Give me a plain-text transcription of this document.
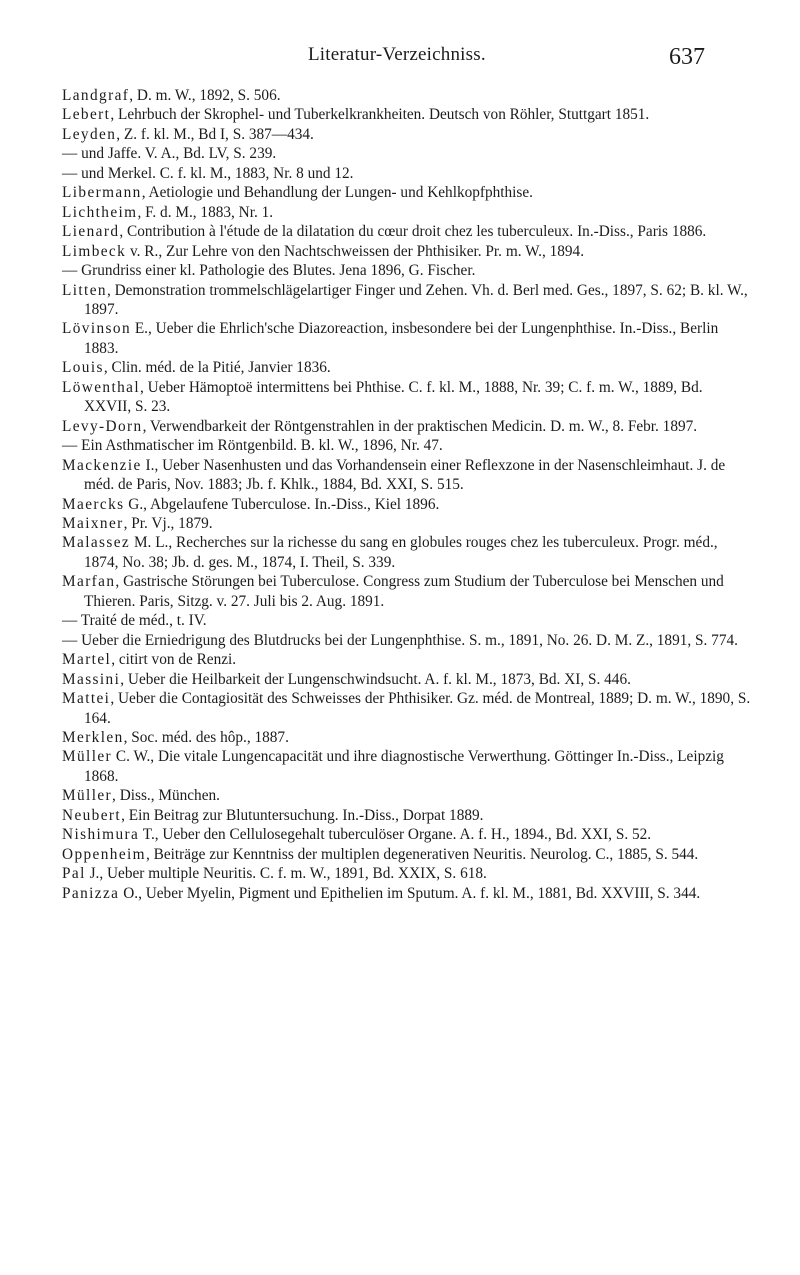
Literatur-Verzeichniss.	637

Landgraf, D. m. W., 1892, S. 506.

Lebert, Lehrbuch der Skrophel- und Tuberkelkrankheiten. Deutsch von Röhler, Stuttgart 1851.

Leyden, Z. f. kl. M., Bd I, S. 387—434.

— und Jaffe. V. A., Bd. LV, S. 239.

— und Merkel. C. f. kl. M., 1883, Nr. 8 und 12.

Libermann, Aetiologie und Behandlung der Lungen- und Kehlkopfphthise.

Lichtheim, F. d. M., 1883, Nr. 1.

Lienard, Contribution à l'étude de la dilatation du cœur droit chez les tuberculeux. In.-Diss., Paris 1886.

Limbeck v. R., Zur Lehre von den Nachtschweissen der Phthisiker. Pr. m. W., 1894.

— Grundriss einer kl. Pathologie des Blutes. Jena 1896, G. Fischer.

Litten, Demonstration trommelschlägelartiger Finger und Zehen. Vh. d. Berl med. Ges., 1897, S. 62; B. kl. W., 1897.

Lövinson E., Ueber die Ehrlich'sche Diazoreaction, insbesondere bei der Lungenphthise. In.-Diss., Berlin 1883.

Louis, Clin. méd. de la Pitié, Janvier 1836.

Löwenthal, Ueber Hämoptoë intermittens bei Phthise. C. f. kl. M., 1888, Nr. 39; C. f. m. W., 1889, Bd. XXVII, S. 23.

Levy-Dorn, Verwendbarkeit der Röntgenstrahlen in der praktischen Medicin. D. m. W., 8. Febr. 1897.

— Ein Asthmatischer im Röntgenbild. B. kl. W., 1896, Nr. 47.

Mackenzie I., Ueber Nasenhusten und das Vorhandensein einer Reflexzone in der Nasenschleimhaut. J. de méd. de Paris, Nov. 1883; Jb. f. Khlk., 1884, Bd. XXI, S. 515.

Maercks G., Abgelaufene Tuberculose. In.-Diss., Kiel 1896.

Maixner, Pr. Vj., 1879.

Malassez M. L., Recherches sur la richesse du sang en globules rouges chez les tuberculeux. Progr. méd., 1874, No. 38; Jb. d. ges. M., 1874, I. Theil, S. 339.

Marfan, Gastrische Störungen bei Tuberculose. Congress zum Studium der Tuberculose bei Menschen und Thieren. Paris, Sitzg. v. 27. Juli bis 2. Aug. 1891.

— Traité de méd., t. IV.

— Ueber die Erniedrigung des Blutdrucks bei der Lungenphthise. S. m., 1891, No. 26. D. M. Z., 1891, S. 774.

Martel, citirt von de Renzi.

Massini, Ueber die Heilbarkeit der Lungenschwindsucht. A. f. kl. M., 1873, Bd. XI, S. 446.

Mattei, Ueber die Contagiosität des Schweisses der Phthisiker. Gz. méd. de Montreal, 1889; D. m. W., 1890, S. 164.

Merklen, Soc. méd. des hôp., 1887.

Müller C. W., Die vitale Lungencapacität und ihre diagnostische Verwerthung. Göttinger In.-Diss., Leipzig 1868.

Müller, Diss., München.

Neubert, Ein Beitrag zur Blutuntersuchung. In.-Diss., Dorpat 1889.

Nishimura T., Ueber den Cellulosegehalt tuberculöser Organe. A. f. H., 1894., Bd. XXI, S. 52.

Oppenheim, Beiträge zur Kenntniss der multiplen degenerativen Neuritis. Neurolog. C., 1885, S. 544.

Pal J., Ueber multiple Neuritis. C. f. m. W., 1891, Bd. XXIX, S. 618.

Panizza O., Ueber Myelin, Pigment und Epithelien im Sputum. A. f. kl. M., 1881, Bd. XXVIII, S. 344.
